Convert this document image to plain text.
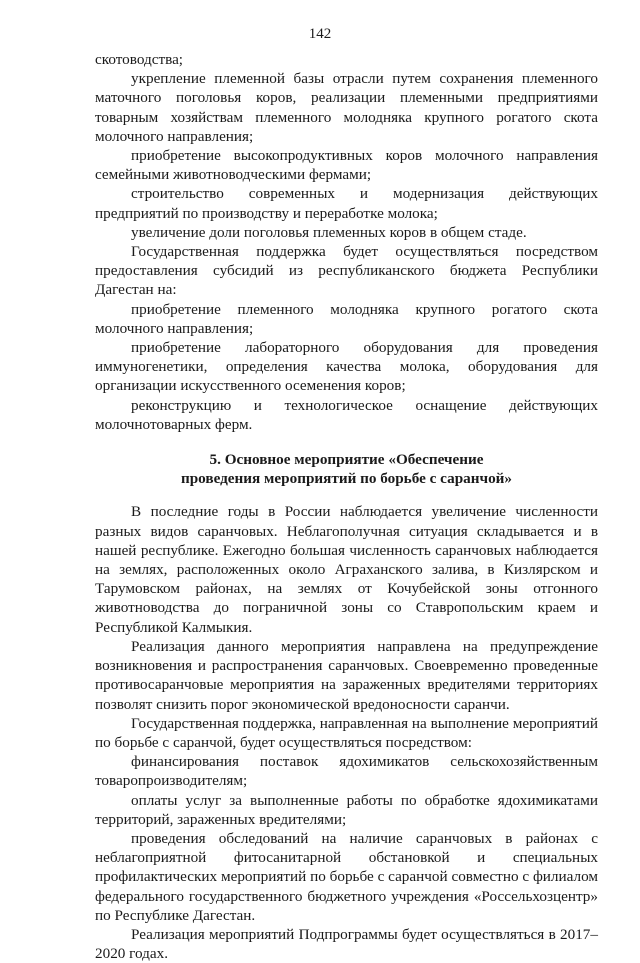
142

скотоводства;

укрепление племенной базы отрасли путем сохранения племенного маточного поголовья коров, реализации племенными предприятиями товарным хозяйствам племенного молодняка крупного рогатого скота молочного направления;

приобретение высокопродуктивных коров молочного направления семейными животноводческими фермами;

строительство современных и модернизация действующих предприятий по производству и переработке молока;

увеличение доли поголовья племенных коров в общем стаде.

Государственная поддержка будет осуществляться посредством предоставления субсидий из республиканского бюджета Республики Дагестан на:

приобретение племенного молодняка крупного рогатого скота молочного направления;

приобретение лабораторного оборудования для проведения иммуногенетики, определения качества молока, оборудования для организации искусственного осеменения коров;

реконструкцию и технологическое оснащение действующих молочнотоварных ферм.

5. Основное мероприятие «Обеспечение
проведения мероприятий по борьбе с саранчой»

В последние годы в России наблюдается увеличение численности разных видов саранчовых. Неблагополучная ситуация складывается и в нашей республике. Ежегодно большая численность саранчовых наблюдается на землях, расположенных около Аграханского залива, в Кизлярском и Тарумовском районах, на землях от Кочубейской зоны отгонного животноводства до пограничной зоны со Ставропольским краем и Республикой Калмыкия.

Реализация данного мероприятия направлена на предупреждение возникновения и распространения саранчовых. Своевременно проведенные противосаранчовые мероприятия на зараженных вредителями территориях позволят снизить порог экономической вредоносности саранчи.

Государственная поддержка, направленная на выполнение мероприятий по борьбе с саранчой, будет осуществляться посредством:

финансирования поставок ядохимикатов сельскохозяйственным товаропроизводителям;

оплаты услуг за выполненные работы по обработке ядохимикатами территорий, зараженных вредителями;

проведения обследований на наличие саранчовых в районах с неблагоприятной фитосанитарной обстановкой и специальных профилактических мероприятий по борьбе с саранчой совместно с филиалом федерального государственного бюджетного учреждения «Россельхозцентр» по Республике Дагестан.

Реализация мероприятий Подпрограммы будет осуществляться в 2017–2020 годах.
